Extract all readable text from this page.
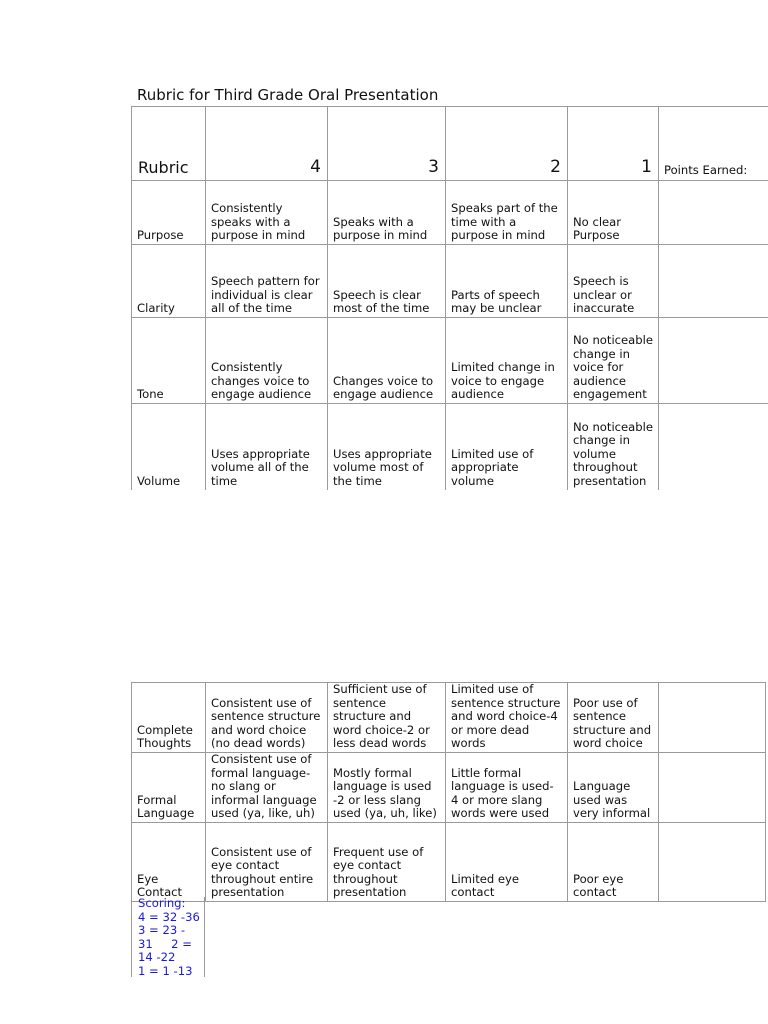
Rubric for Third Grade Oral Presentation
Rubric	4	3	2	1	Points Earned:
Purpose	Consistently speaks with a purpose in mind	Speaks with a purpose in mind	Speaks part of the time with a purpose in mind	No clear Purpose	
Clarity	Speech pattern for individual is clear all of the time	Speech is clear most of the time	Parts of speech may be unclear	Speech is unclear or inaccurate	
Tone	Consistently changes voice to engage audience	Changes voice to engage audience	Limited change in voice to engage audience	No noticeable change in voice for audience engagement	
Volume	Uses appropriate volume all of the time	Uses appropriate volume most of the time	Limited use of appropriate volume	No noticeable change in volume throughout presentation	
Complete Thoughts	Consistent use of sentence structure and word choice (no dead words)	Sufficient use of sentence structure and word choice-2 or less dead words	Limited use of sentence structure and word choice-4 or more dead words	Poor use of sentence structure and word choice	
Formal Language	Consistent use of formal language- no slang or informal language used (ya, like, uh)	Mostly formal language is used -2 or less slang used (ya, uh, like)	Little formal language is used- 4 or more slang words were used	Language used was very informal	
Eye Contact	Consistent use of eye contact throughout entire presentation	Frequent use of eye contact throughout presentation	Limited eye contact	Poor eye contact	
Scoring:
4 = 32 -36
3 = 23 -
31     2 =
14 -22
1 = 1 -13
